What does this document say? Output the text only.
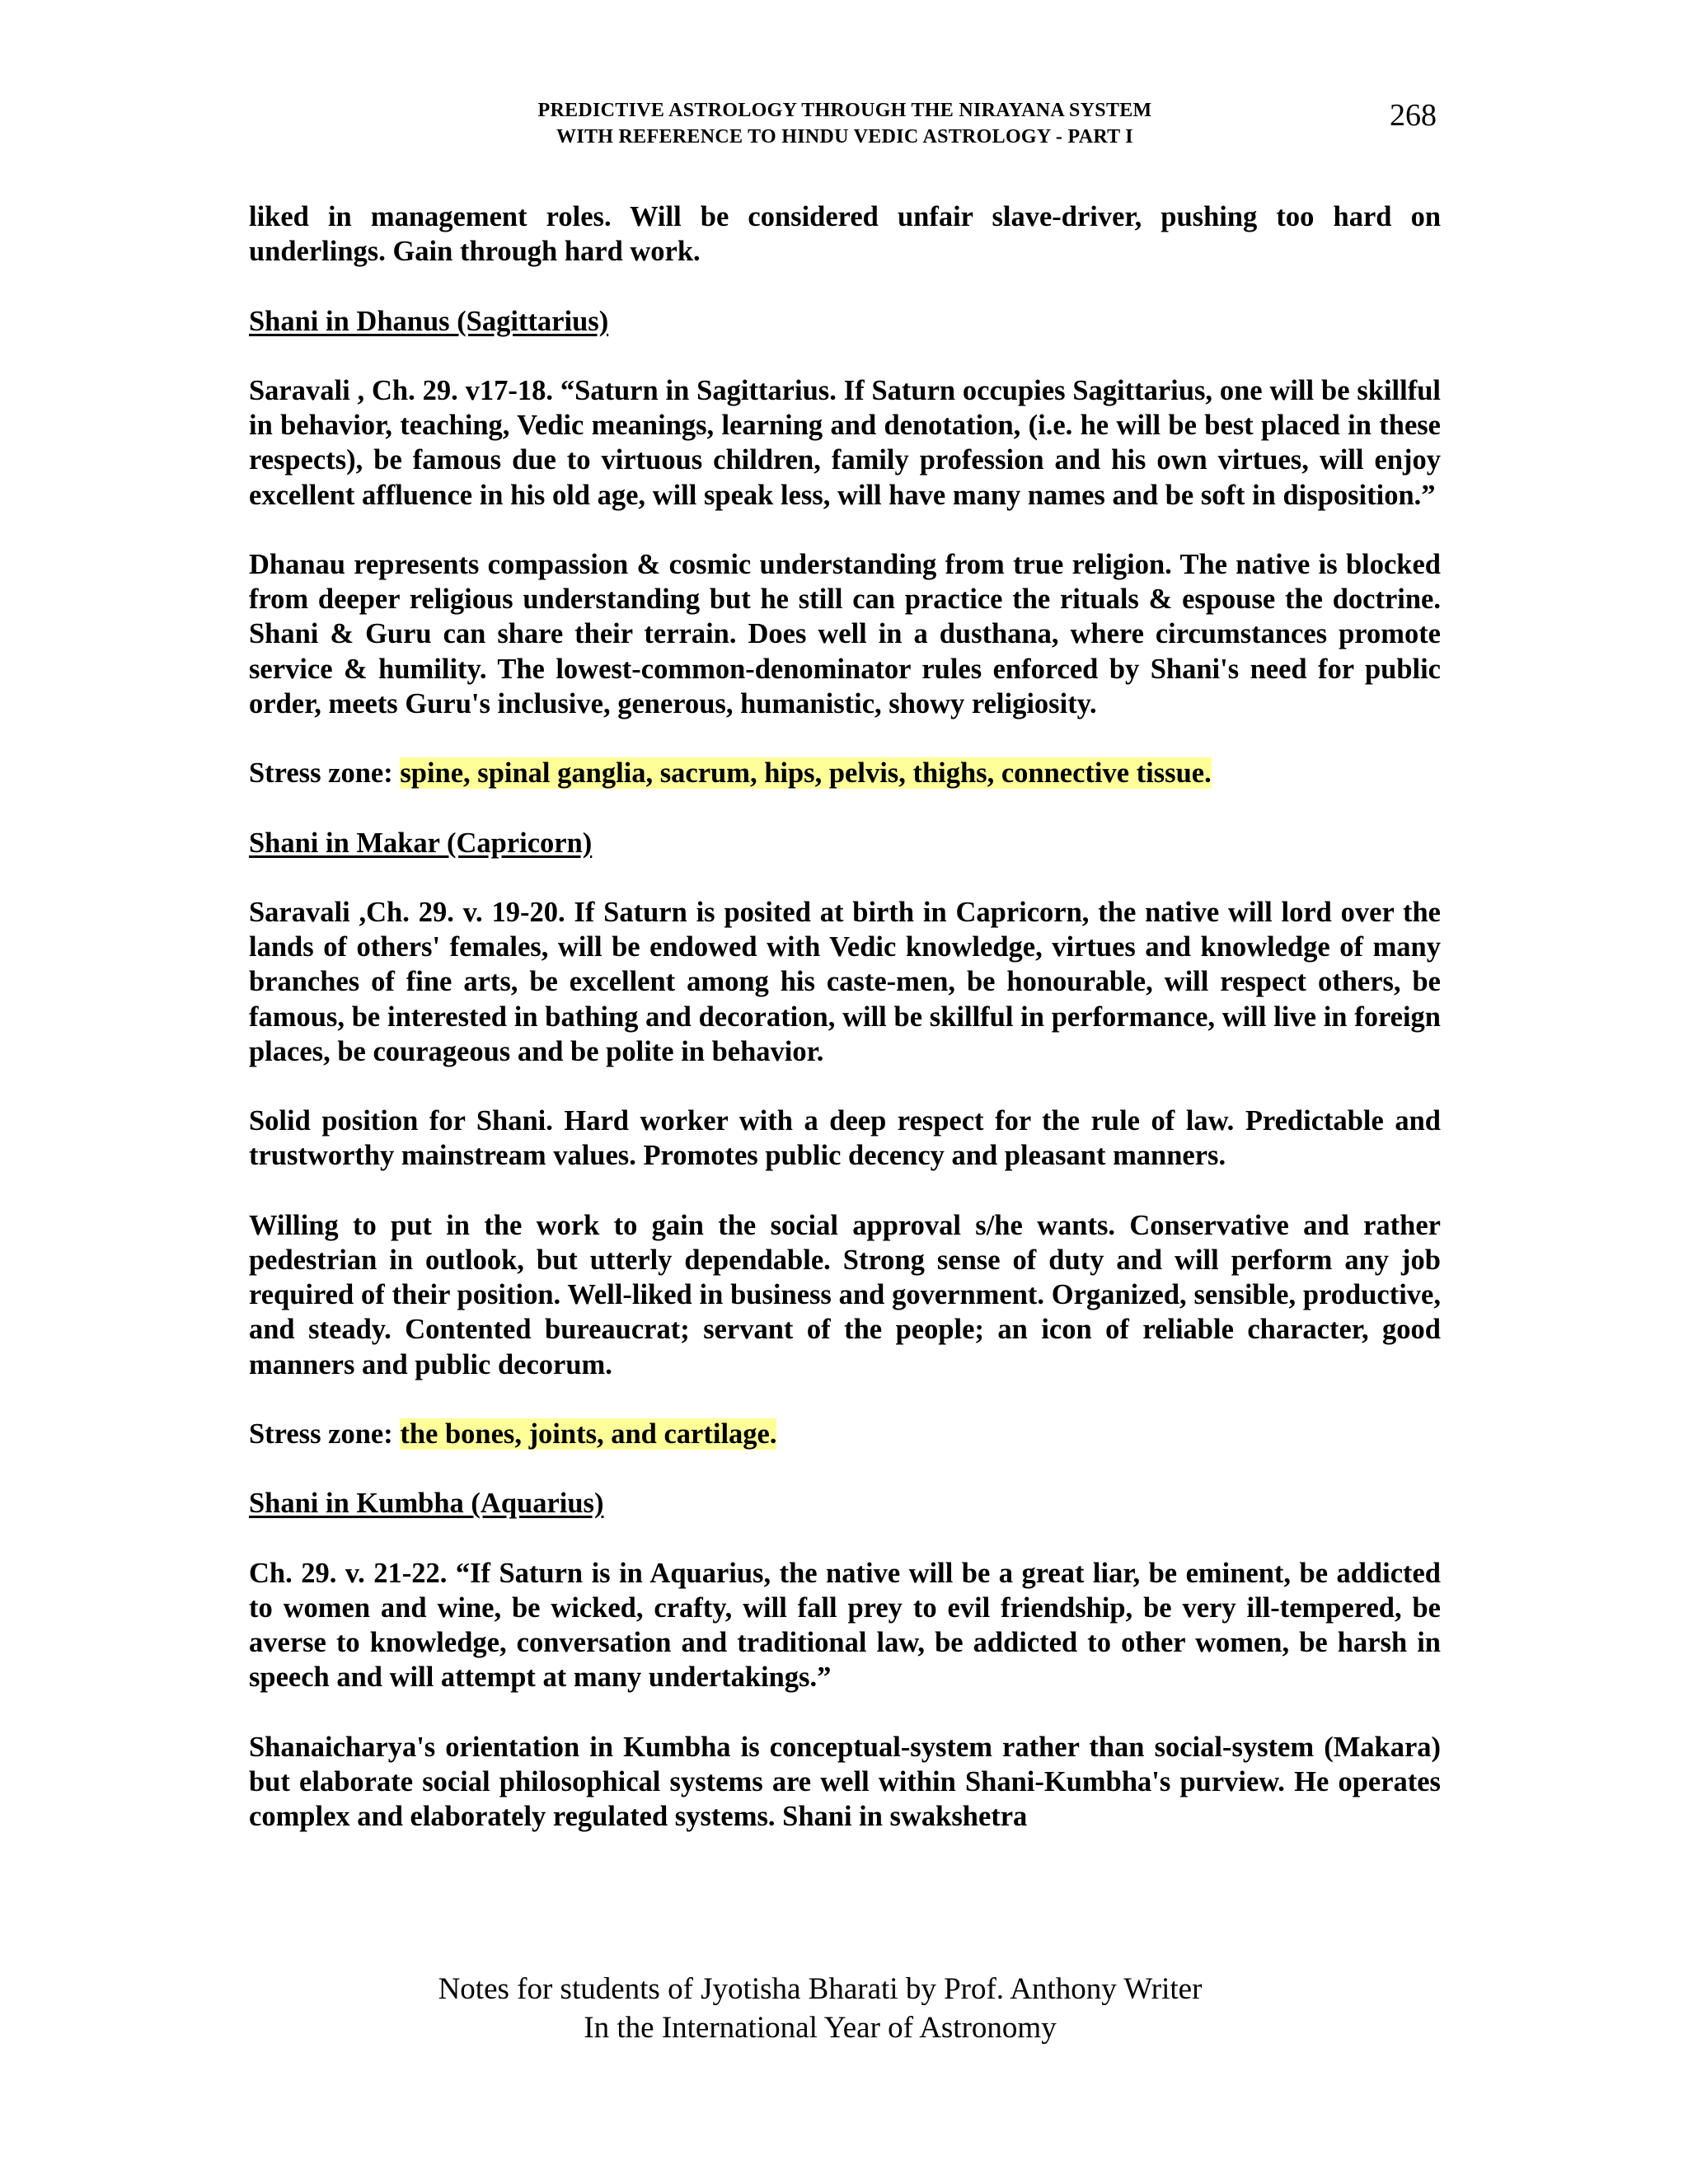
PREDICTIVE ASTROLOGY THROUGH THE NIRAYANA SYSTEM
WITH REFERENCE TO HINDU VEDIC ASTROLOGY - PART I
268

liked in management roles. Will be considered unfair slave-driver, pushing too hard on underlings. Gain through hard work.

Shani in Dhanus (Sagittarius)

Saravali , Ch. 29. v17-18. “Saturn in Sagittarius. If Saturn occupies Sagittarius, one will be skillful in behavior, teaching, Vedic meanings, learning and denotation, (i.e. he will be best placed in these respects), be famous due to virtuous children, family profession and his own virtues, will enjoy excellent affluence in his old age, will speak less, will have many names and be soft in disposition.”

Dhanau represents compassion & cosmic understanding from true religion. The native is blocked from deeper religious understanding but he still can practice the rituals & espouse the doctrine. Shani & Guru can share their terrain. Does well in a dusthana, where circumstances promote service & humility. The lowest-common-denominator rules enforced by Shani's need for public order, meets Guru's inclusive, generous, humanistic, showy religiosity.

Stress zone: spine, spinal ganglia, sacrum, hips, pelvis, thighs, connective tissue.

Shani in Makar (Capricorn)

Saravali ,Ch. 29. v. 19-20. If Saturn is posited at birth in Capricorn, the native will lord over the lands of others' females, will be endowed with Vedic knowledge, virtues and knowledge of many branches of fine arts, be excellent among his caste-men, be honourable, will respect others, be famous, be interested in bathing and decoration, will be skillful in performance, will live in foreign places, be courageous and be polite in behavior.

Solid position for Shani. Hard worker with a deep respect for the rule of law. Predictable and trustworthy mainstream values. Promotes public decency and pleasant manners.

Willing to put in the work to gain the social approval s/he wants. Conservative and rather pedestrian in outlook, but utterly dependable. Strong sense of duty and will perform any job required of their position. Well-liked in business and government. Organized, sensible, productive, and steady. Contented bureaucrat; servant of the people; an icon of reliable character, good manners and public decorum.

Stress zone: the bones, joints, and cartilage.

Shani in Kumbha (Aquarius)

Ch. 29. v. 21-22. “If Saturn is in Aquarius, the native will be a great liar, be eminent, be addicted to women and wine, be wicked, crafty, will fall prey to evil friendship, be very ill-tempered, be averse to knowledge, conversation and traditional law, be addicted to other women, be harsh in speech and will attempt at many undertakings.”

Shanaicharya's orientation in Kumbha is conceptual-system rather than social-system (Makara) but elaborate social philosophical systems are well within Shani-Kumbha's purview. He operates complex and elaborately regulated systems. Shani in swakshetra

Notes for students of Jyotisha Bharati by Prof. Anthony Writer
In the International Year of Astronomy
